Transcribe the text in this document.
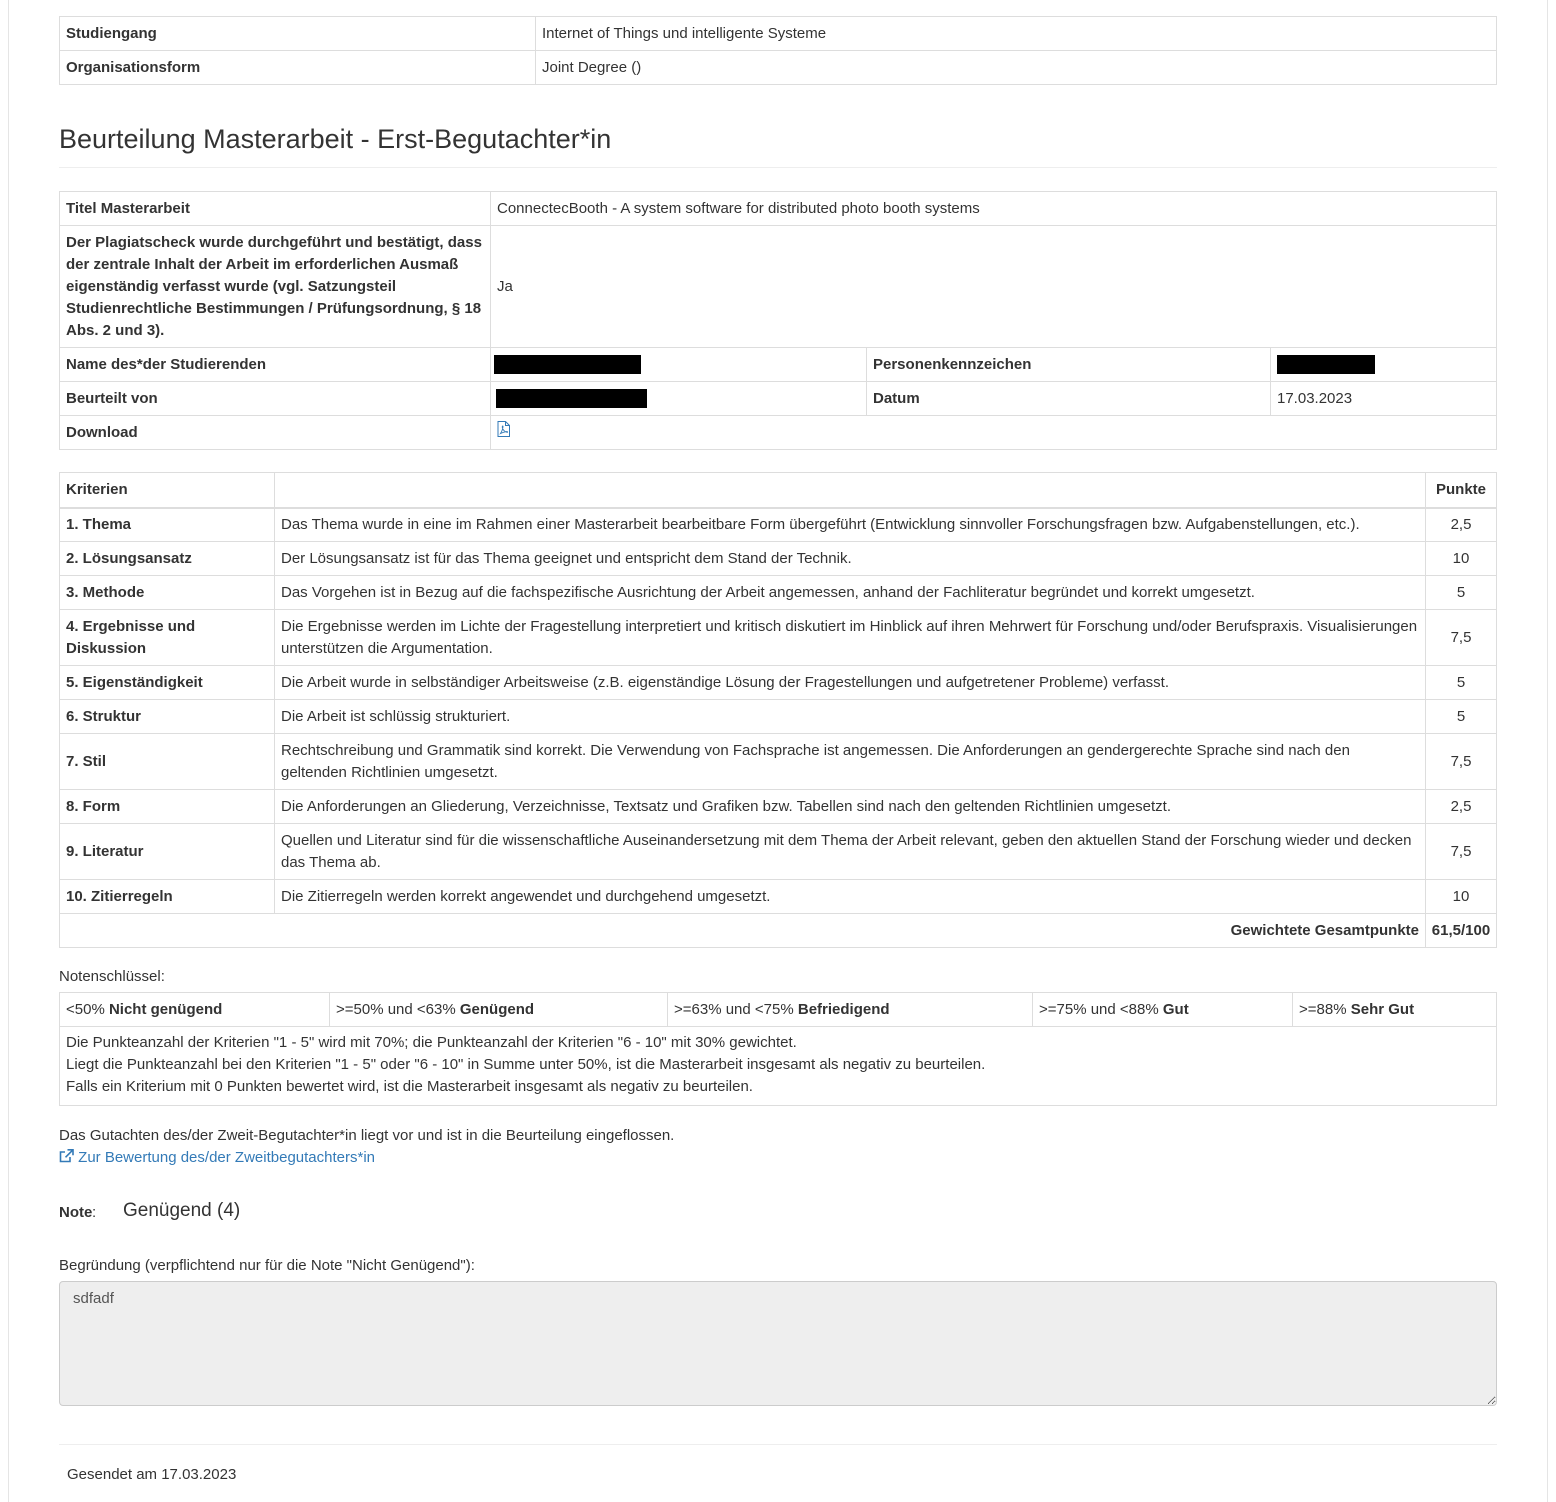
Studiengang	Internet of Things und intelligente Systeme
Organisationsform	Joint Degree ()
Beurteilung Masterarbeit - Erst-Begutachter*in
Titel Masterarbeit	ConnectecBooth - A system software for distributed photo booth systems		
Der Plagiatscheck wurde durchgeführt und bestätigt, dass der zentrale Inhalt der Arbeit im erforderlichen Ausmaß eigenständig verfasst wurde (vgl. Satzungsteil Studienrechtliche Bestimmungen / Prüfungsordnung, § 18 Abs. 2 und 3).	Ja		
Name des*der Studierenden		Personenkennzeichen	
Beurteilt von		Datum	17.03.2023
Download	
Kriterien		Punkte
1. Thema	Das Thema wurde in eine im Rahmen einer Masterarbeit bearbeitbare Form übergeführt (Entwicklung sinnvoller Forschungsfragen bzw. Aufgabenstellungen, etc.).	2,5
2. Lösungsansatz	Der Lösungsansatz ist für das Thema geeignet und entspricht dem Stand der Technik.	10
3. Methode	Das Vorgehen ist in Bezug auf die fachspezifische Ausrichtung der Arbeit angemessen, anhand der Fachliteratur begründet und korrekt umgesetzt.	5
4. Ergebnisse und Diskussion	Die Ergebnisse werden im Lichte der Fragestellung interpretiert und kritisch diskutiert im Hinblick auf ihren Mehrwert für Forschung und/oder Berufspraxis. Visualisierungen unterstützen die Argumentation.	7,5
5. Eigenständigkeit	Die Arbeit wurde in selbständiger Arbeitsweise (z.B. eigenständige Lösung der Fragestellungen und aufgetretener Probleme) verfasst.	5
6. Struktur	Die Arbeit ist schlüssig strukturiert.	5
7. Stil	Rechtschreibung und Grammatik sind korrekt. Die Verwendung von Fachsprache ist angemessen. Die Anforderungen an gendergerechte Sprache sind nach den geltenden Richtlinien umgesetzt.	7,5
8. Form	Die Anforderungen an Gliederung, Verzeichnisse, Textsatz und Grafiken bzw. Tabellen sind nach den geltenden Richtlinien umgesetzt.	2,5
9. Literatur	Quellen und Literatur sind für die wissenschaftliche Auseinandersetzung mit dem Thema der Arbeit relevant, geben den aktuellen Stand der Forschung wieder und decken das Thema ab.	7,5
10. Zitierregeln	Die Zitierregeln werden korrekt angewendet und durchgehend umgesetzt.	10
Gewichtete Gesamtpunkte		61,5/100
Notenschlüssel:
<50% Nicht genügend	>=50% und <63% Genügend	>=63% und <75% Befriedigend	>=75% und <88% Gut	>=88% Sehr Gut

Die Punkteanzahl der Kriterien "1 - 5" wird mit 70%; die Punkteanzahl der Kriterien "6 - 10" mit 30% gewichtet.
Liegt die Punkteanzahl bei den Kriterien "1 - 5" oder "6 - 10" in Summe unter 50%, ist die Masterarbeit insgesamt als negativ zu beurteilen.
Falls ein Kriterium mit 0 Punkten bewertet wird, ist die Masterarbeit insgesamt als negativ zu beurteilen.
Das Gutachten des/der Zweit-Begutachter*in liegt vor und ist in die Beurteilung eingeflossen.
Zur Bewertung des/der Zweitbegutachters*in
Note : Genügend (4)
Begründung (verpflichtend nur für die Note "Nicht Genügend"):
sdfadf
Gesendet am 17.03.2023
